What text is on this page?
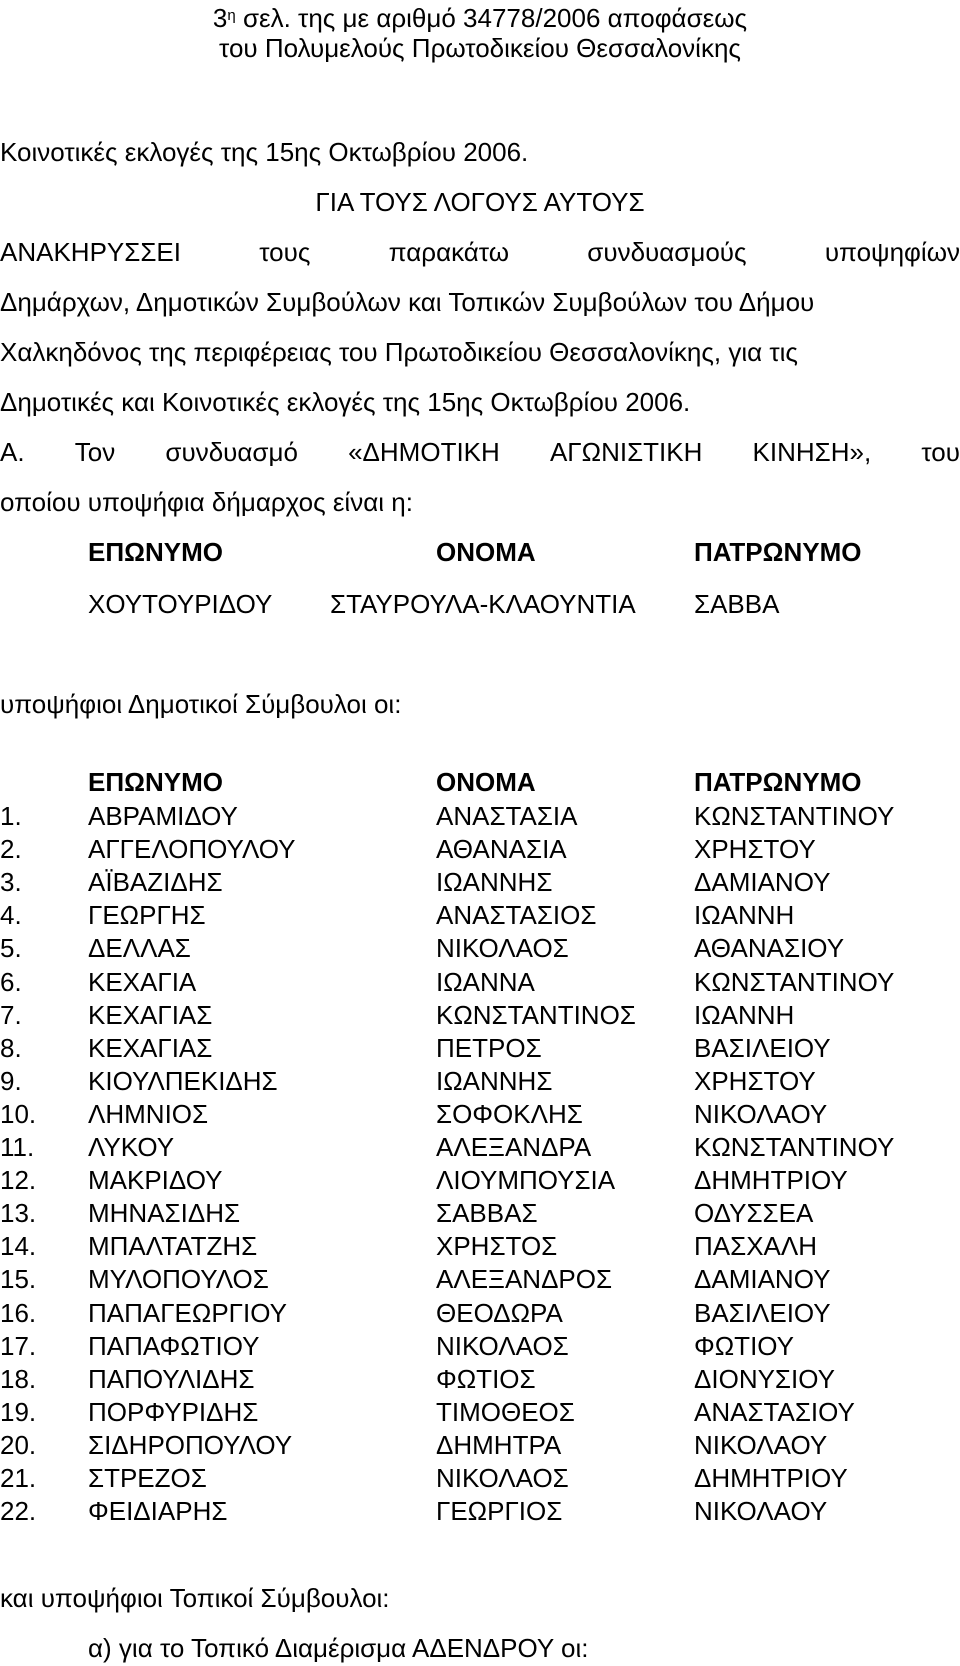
$3^\eta$ σελ. της με αριθμό 34778/2006 αποφάσεως
του Πολυμελούς Πρωτοδικείου Θεσσαλονίκης
Κοινοτικές εκλογές της 15ης Οκτωβρίου 2006.
ΓΙΑ ΤΟΥΣ ΛΟΓΟΥΣ ΑΥΤΟΥΣ
ΑΝΑΚΗΡΥΣΣΕΙ	τους	παρακάτω	συνδυασμούς	υποψηφίων
Δημάρχων, Δημοτικών Συμβούλων και Τοπικών Συμβούλων του Δήμου
Χαλκηδόνος της περιφέρειας του Πρωτοδικείου Θεσσαλονίκης, για τις
Δημοτικές και Κοινοτικές εκλογές της 15ης Οκτωβρίου 2006.
Α. Τον συνδυασμό «ΔΗΜΟΤΙΚΗ ΑΓΩΝΙΣΤΙΚΗ ΚΙΝΗΣΗ», του
οποίου υποψήφια δήμαρχος είναι η:
ΕΠΩΝΥΜΟ	ΟΝΟΜΑ	ΠΑΤΡΩΝΥΜΟ
ΧΟΥΤΟΥΡΙΔΟΥ ΣΤΑΥΡΟΥΛΑ-ΚΛΑΟΥΝΤΙΑ ΣΑΒΒΑ
υποψήφιοι Δημοτικοί Σύμβουλοι οι:
ΕΠΩΝΥΜΟ	ΟΝΟΜΑ	ΠΑΤΡΩΝΥΜΟ
1.	ΑΒΡΑΜΙΔΟΥ	ΑΝΑΣΤΑΣΙΑ	ΚΩΝΣΤΑΝΤΙΝΟΥ
2.	ΑΓΓΕΛΟΠΟΥΛΟΥ	ΑΘΑΝΑΣΙΑ	ΧΡΗΣΤΟΥ
3.	ΑΪΒΑΖΙΔΗΣ	ΙΩΑΝΝΗΣ	ΔΑΜΙΑΝΟΥ
4.	ΓΕΩΡΓΗΣ	ΑΝΑΣΤΑΣΙΟΣ	ΙΩΑΝΝΗ
5.	ΔΕΛΛΑΣ	ΝΙΚΟΛΑΟΣ	ΑΘΑΝΑΣΙΟΥ
6.	ΚΕΧΑΓΙΑ	ΙΩΑΝΝΑ	ΚΩΝΣΤΑΝΤΙΝΟΥ
7.	ΚΕΧΑΓΙΑΣ	ΚΩΝΣΤΑΝΤΙΝΟΣ ΙΩΑΝΝΗ
8.	ΚΕΧΑΓΙΑΣ	ΠΕΤΡΟΣ	ΒΑΣΙΛΕΙΟΥ
9.	ΚΙΟΥΛΠΕΚΙΔΗΣ	ΙΩΑΝΝΗΣ	ΧΡΗΣΤΟΥ
10. ΛΗΜΝΙΟΣ	ΣΟΦΟΚΛΗΣ	ΝΙΚΟΛΑΟΥ
11. ΛΥΚΟΥ	ΑΛΕΞΑΝΔΡΑ	ΚΩΝΣΤΑΝΤΙΝΟΥ
12. ΜΑΚΡΙΔΟΥ	ΛΙΟΥΜΠΟΥΣΙΑ	ΔΗΜΗΤΡΙΟΥ
13. ΜΗΝΑΣΙΔΗΣ	ΣΑΒΒΑΣ	ΟΔΥΣΣΕΑ
14. ΜΠΑΛΤΑΤΖΗΣ	ΧΡΗΣΤΟΣ	ΠΑΣΧΑΛΗ
15. ΜΥΛΟΠΟΥΛΟΣ	ΑΛΕΞΑΝΔΡΟΣ	ΔΑΜΙΑΝΟΥ
16. ΠΑΠΑΓΕΩΡΓΙΟΥ	ΘΕΟΔΩΡΑ	ΒΑΣΙΛΕΙΟΥ
17. ΠΑΠΑΦΩΤΙΟΥ	ΝΙΚΟΛΑΟΣ	ΦΩΤΙΟΥ
18. ΠΑΠΟΥΛΙΔΗΣ	ΦΩΤΙΟΣ	ΔΙΟΝΥΣΙΟΥ
19. ΠΟΡΦΥΡΙΔΗΣ	ΤΙΜΟΘΕΟΣ	ΑΝΑΣΤΑΣΙΟΥ
20. ΣΙΔΗΡΟΠΟΥΛΟΥ	ΔΗΜΗΤΡΑ	ΝΙΚΟΛΑΟΥ
21. ΣΤΡΕΖΟΣ	ΝΙΚΟΛΑΟΣ	ΔΗΜΗΤΡΙΟΥ
22. ΦΕΙΔΙΑΡΗΣ	ΓΕΩΡΓΙΟΣ	ΝΙΚΟΛΑΟΥ
και υποψήφιοι Τοπικοί Σύμβουλοι:
α) για το Τοπικό Διαμέρισμα ΑΔΕΝΔΡΟΥ οι:
